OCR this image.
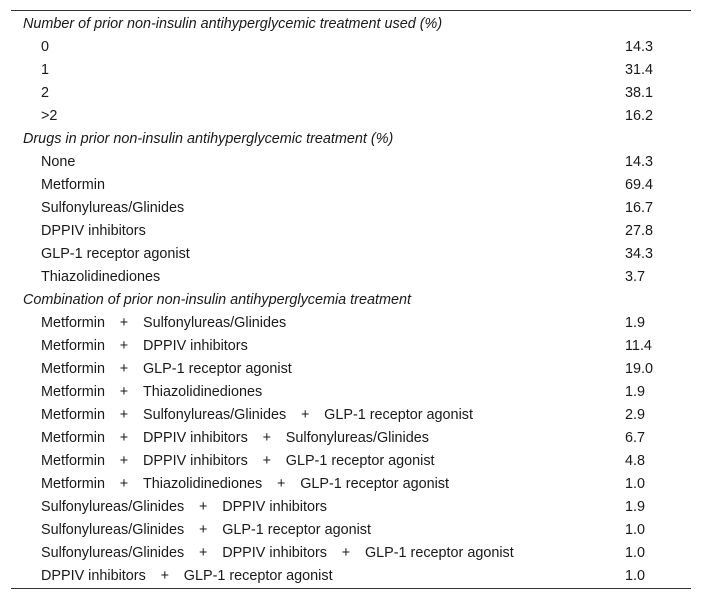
Number of prior non-insulin antihyperglycemic treatment used (%)
0	14.3
1	31.4
2	38.1
>2	16.2
Drugs in prior non-insulin antihyperglycemic treatment (%)
None	14.3
Metformin	69.4
Sulfonylureas/Glinides	16.7
DPPIV inhibitors	27.8
GLP-1 receptor agonist	34.3
Thiazolidinediones	3.7
Combination of prior non-insulin antihyperglycemia treatment
Metformin + Sulfonylureas/Glinides	1.9
Metformin + DPPIV inhibitors	11.4
Metformin + GLP-1 receptor agonist	19.0
Metformin + Thiazolidinediones	1.9
Metformin + Sulfonylureas/Glinides + GLP-1 receptor agonist	2.9
Metformin + DPPIV inhibitors + Sulfonylureas/Glinides	6.7
Metformin + DPPIV inhibitors + GLP-1 receptor agonist	4.8
Metformin + Thiazolidinediones + GLP-1 receptor agonist	1.0
Sulfonylureas/Glinides + DPPIV inhibitors	1.9
Sulfonylureas/Glinides + GLP-1 receptor agonist	1.0
Sulfonylureas/Glinides + DPPIV inhibitors + GLP-1 receptor agonist	1.0
DPPIV inhibitors + GLP-1 receptor agonist	1.0
